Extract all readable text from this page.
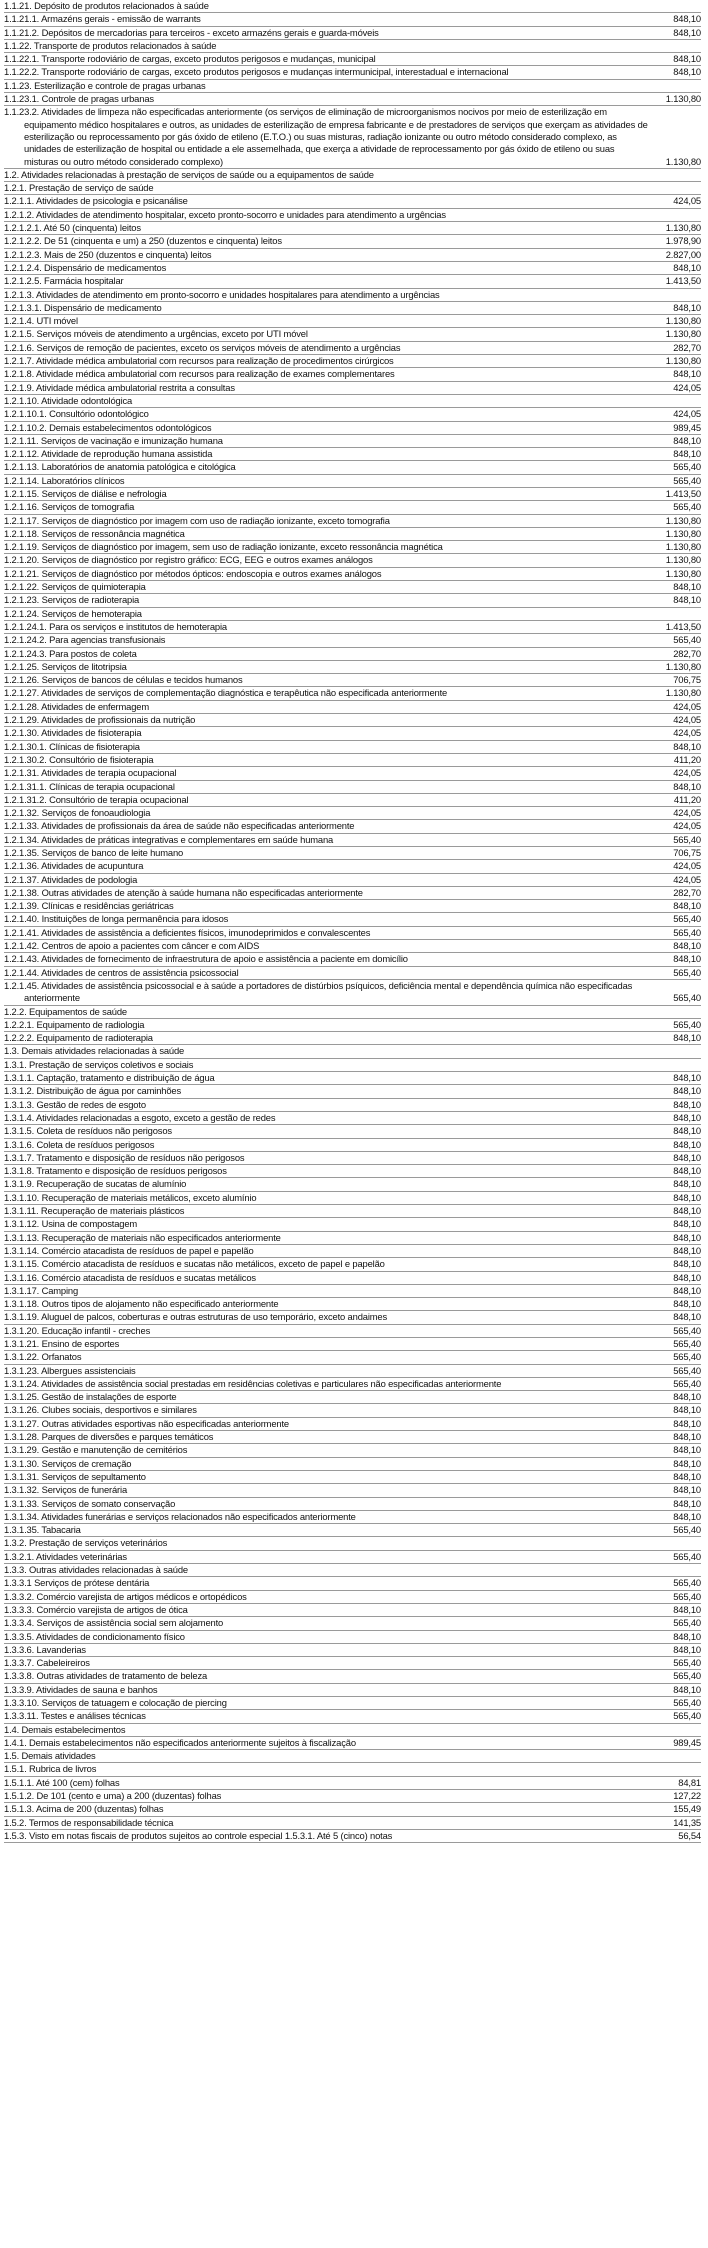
1.1.21. Depósito de produtos relacionados à saúde
1.1.21.1. Armazéns gerais - emissão de warrants	848,10
1.1.21.2. Depósitos de mercadorias para terceiros - exceto armazéns gerais e guarda-móveis	848,10
1.1.22. Transporte de produtos relacionados à saúde
1.1.22.1. Transporte rodoviário de cargas, exceto produtos perigosos e mudanças, municipal	848,10
1.1.22.2. Transporte rodoviário de cargas, exceto produtos perigosos e mudanças intermunicipal, interestadual e internacional	848,10
1.1.23. Esterilização e controle de pragas urbanas
1.1.23.1. Controle de pragas urbanas	1.130,80
1.1.23.2. Atividades de limpeza não especificadas anteriormente (os serviços de eliminação de microorganismos nocivos por meio de esterilização em equipamento médico hospitalares e outros, as unidades de esterilização de empresa fabricante e de prestadores de serviços que exerçam as atividades de esterilização ou reprocessamento por gás óxido de etileno (E.T.O.) ou suas misturas, radiação ionizante ou outro método considerado complexo, as unidades de esterilização de hospital ou entidade a ele assemelhada, que exerça a atividade de reprocessamento por gás óxido de etileno ou suas misturas ou outro método considerado complexo)	1.130,80
1.2. Atividades relacionadas à prestação de serviços de saúde ou a equipamentos de saúde
1.2.1. Prestação de serviço de saúde
1.2.1.1. Atividades de psicologia e psicanálise	424,05
1.2.1.2. Atividades de atendimento hospitalar, exceto pronto-socorro e unidades para atendimento a urgências
1.2.1.2.1. Até 50 (cinquenta) leitos	1.130,80
1.2.1.2.2. De 51 (cinquenta e um) a 250 (duzentos e cinquenta) leitos	1.978,90
1.2.1.2.3. Mais de 250 (duzentos e cinquenta) leitos	2.827,00
1.2.1.2.4. Dispensário de medicamentos	848,10
1.2.1.2.5. Farmácia hospitalar	1.413,50
1.2.1.3. Atividades de atendimento em pronto-socorro e unidades hospitalares para atendimento a urgências
1.2.1.3.1. Dispensário de medicamento	848,10
1.2.1.4. UTI móvel	1.130,80
1.2.1.5. Serviços móveis de atendimento a urgências, exceto por UTI móvel	1.130,80
1.2.1.6. Serviços de remoção de pacientes, exceto os serviços móveis de atendimento a urgências	282,70
1.2.1.7. Atividade médica ambulatorial com recursos para realização de procedimentos cirúrgicos	1.130,80
1.2.1.8. Atividade médica ambulatorial com recursos para realização de exames complementares	848,10
1.2.1.9. Atividade médica ambulatorial restrita a consultas	424,05
1.2.1.10. Atividade odontológica
1.2.1.10.1. Consultório odontológico	424,05
1.2.1.10.2. Demais estabelecimentos odontológicos	989,45
1.2.1.11. Serviços de vacinação e imunização humana	848,10
1.2.1.12. Atividade de reprodução humana assistida	848,10
1.2.1.13. Laboratórios de anatomia patológica e citológica	565,40
1.2.1.14. Laboratórios clínicos	565,40
1.2.1.15. Serviços de diálise e nefrologia	1.413,50
1.2.1.16. Serviços de tomografia	565,40
1.2.1.17. Serviços de diagnóstico por imagem com uso de radiação ionizante, exceto tomografia	1.130,80
1.2.1.18. Serviços de ressonância magnética	1.130,80
1.2.1.19. Serviços de diagnóstico por imagem, sem uso de radiação ionizante, exceto ressonância magnética	1.130,80
1.2.1.20. Serviços de diagnóstico por registro gráfico: ECG, EEG e outros exames análogos	1.130,80
1.2.1.21. Serviços de diagnóstico por métodos ópticos: endoscopia e outros exames análogos	1.130,80
1.2.1.22. Serviços de quimioterapia	848,10
1.2.1.23. Serviços de radioterapia	848,10
1.2.1.24. Serviços de hemoterapia
1.2.1.24.1. Para os serviços e institutos de hemoterapia	1.413,50
1.2.1.24.2. Para agencias transfusionais	565,40
1.2.1.24.3. Para postos de coleta	282,70
1.2.1.25. Serviços de litotripsia	1.130,80
1.2.1.26. Serviços de bancos de células e tecidos humanos	706,75
1.2.1.27. Atividades de serviços de complementação diagnóstica e terapêutica não especificada anteriormente	1.130,80
1.2.1.28. Atividades de enfermagem	424,05
1.2.1.29. Atividades de profissionais da nutrição	424,05
1.2.1.30. Atividades de fisioterapia	424,05
1.2.1.30.1. Clínicas de fisioterapia	848,10
1.2.1.30.2. Consultório de fisioterapia	411,20
1.2.1.31. Atividades de terapia ocupacional	424,05
1.2.1.31.1. Clínicas de terapia ocupacional	848,10
1.2.1.31.2. Consultório de terapia ocupacional	411,20
1.2.1.32. Serviços de fonoaudiologia	424,05
1.2.1.33. Atividades de profissionais da área de saúde não especificadas anteriormente	424,05
1.2.1.34. Atividades de práticas integrativas e complementares em saúde humana	565,40
1.2.1.35. Serviços de banco de leite humano	706,75
1.2.1.36. Atividades de acupuntura	424,05
1.2.1.37. Atividades de podologia	424,05
1.2.1.38. Outras atividades de atenção à saúde humana não especificadas anteriormente	282,70
1.2.1.39. Clínicas e residências geriátricas	848,10
1.2.1.40. Instituições de longa permanência para idosos	565,40
1.2.1.41. Atividades de assistência a deficientes físicos, imunodeprimidos e convalescentes	565,40
1.2.1.42. Centros de apoio a pacientes com câncer e com AIDS	848,10
1.2.1.43. Atividades de fornecimento de infraestrutura de apoio e assistência a paciente em domicílio	848,10
1.2.1.44. Atividades de centros de assistência psicossocial	565,40
1.2.1.45. Atividades de assistência psicossocial e à saúde a portadores de distúrbios psíquicos, deficiência mental e dependência química não especificadas anteriormente	565,40
1.2.2. Equipamentos de saúde
1.2.2.1. Equipamento de radiologia	565,40
1.2.2.2. Equipamento de radioterapia	848,10
1.3. Demais atividades relacionadas à saúde
1.3.1. Prestação de serviços coletivos e sociais
1.3.1.1. Captação, tratamento e distribuição de água	848,10
1.3.1.2. Distribuição de água por caminhões	848,10
1.3.1.3. Gestão de redes de esgoto	848,10
1.3.1.4. Atividades relacionadas a esgoto, exceto a gestão de redes	848,10
1.3.1.5. Coleta de resíduos não perigosos	848,10
1.3.1.6. Coleta de resíduos perigosos	848,10
1.3.1.7. Tratamento e disposição de resíduos não perigosos	848,10
1.3.1.8. Tratamento e disposição de resíduos perigosos	848,10
1.3.1.9. Recuperação de sucatas de alumínio	848,10
1.3.1.10. Recuperação de materiais metálicos, exceto alumínio	848,10
1.3.1.11. Recuperação de materiais plásticos	848,10
1.3.1.12. Usina de compostagem	848,10
1.3.1.13. Recuperação de materiais não especificados anteriormente	848,10
1.3.1.14. Comércio atacadista de resíduos de papel e papelão	848,10
1.3.1.15. Comércio atacadista de resíduos e sucatas não metálicos, exceto de papel e papelão	848,10
1.3.1.16. Comércio atacadista de resíduos e sucatas metálicos	848,10
1.3.1.17. Camping	848,10
1.3.1.18. Outros tipos de alojamento não especificado anteriormente	848,10
1.3.1.19. Aluguel de palcos, coberturas e outras estruturas de uso temporário, exceto andaimes	848,10
1.3.1.20. Educação infantil - creches	565,40
1.3.1.21. Ensino de esportes	565,40
1.3.1.22. Orfanatos	565,40
1.3.1.23. Albergues assistenciais	565,40
1.3.1.24. Atividades de assistência social prestadas em residências coletivas e particulares não especificadas anteriormente	565,40
1.3.1.25. Gestão de instalações de esporte	848,10
1.3.1.26. Clubes sociais, desportivos e similares	848,10
1.3.1.27. Outras atividades esportivas não especificadas anteriormente	848,10
1.3.1.28. Parques de diversões e parques temáticos	848,10
1.3.1.29. Gestão e manutenção de cemitérios	848,10
1.3.1.30. Serviços de cremação	848,10
1.3.1.31. Serviços de sepultamento	848,10
1.3.1.32. Serviços de funerária	848,10
1.3.1.33. Serviços de somato conservação	848,10
1.3.1.34. Atividades funerárias e serviços relacionados não especificados anteriormente	848,10
1.3.1.35. Tabacaria	565,40
1.3.2. Prestação de serviços veterinários
1.3.2.1. Atividades veterinárias	565,40
1.3.3. Outras atividades relacionadas à saúde
1.3.3.1 Serviços de prótese dentária	565,40
1.3.3.2. Comércio varejista de artigos médicos e ortopédicos	565,40
1.3.3.3. Comércio varejista de artigos de ótica	848,10
1.3.3.4. Serviços de assistência social sem alojamento	565,40
1.3.3.5. Atividades de condicionamento físico	848,10
1.3.3.6. Lavanderias	848,10
1.3.3.7. Cabeleireiros	565,40
1.3.3.8. Outras atividades de tratamento de beleza	565,40
1.3.3.9. Atividades de sauna e banhos	848,10
1.3.3.10. Serviços de tatuagem e colocação de piercing	565,40
1.3.3.11. Testes e análises técnicas	565,40
1.4. Demais estabelecimentos
1.4.1. Demais estabelecimentos não especificados anteriormente sujeitos à fiscalização	989,45
1.5. Demais atividades
1.5.1. Rubrica de livros
1.5.1.1. Até 100 (cem) folhas	84,81
1.5.1.2. De 101 (cento e uma) a 200 (duzentas) folhas	127,22
1.5.1.3. Acima de 200 (duzentas) folhas	155,49
1.5.2. Termos de responsabilidade técnica	141,35
1.5.3. Visto em notas fiscais de produtos sujeitos ao controle especial 1.5.3.1. Até 5 (cinco) notas	56,54
